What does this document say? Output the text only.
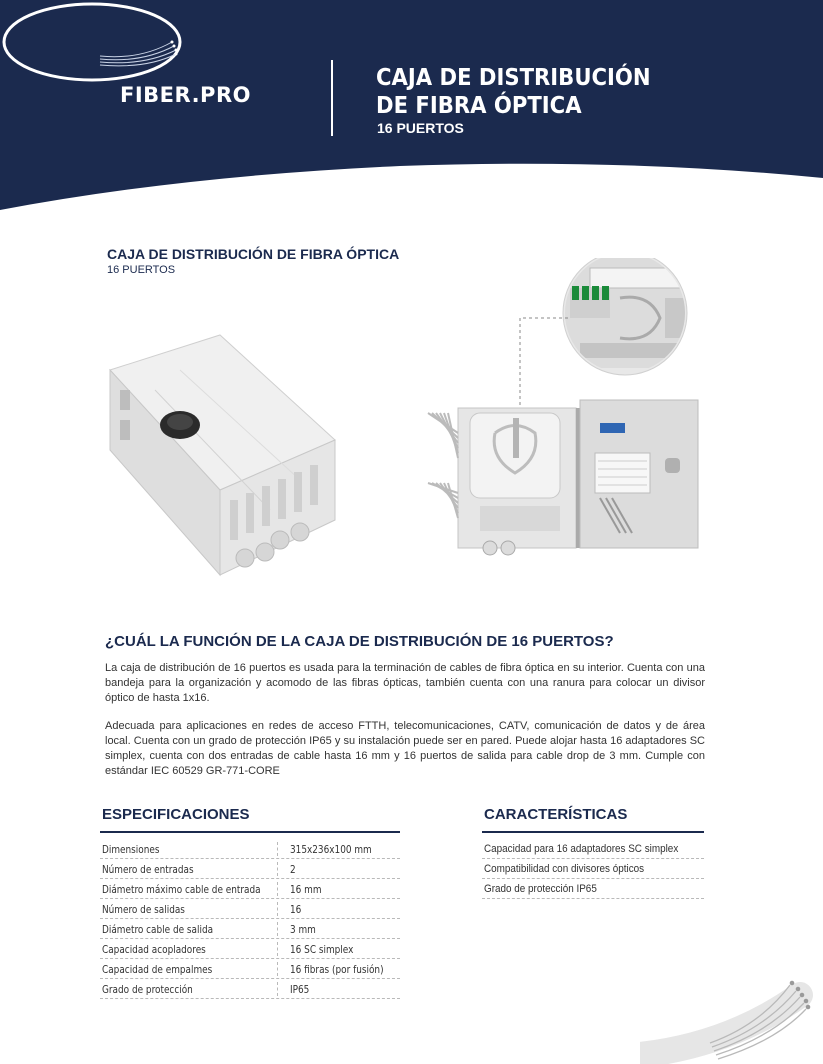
FIBER.PRO
CAJA DE DISTRIBUCIÓN
DE FIBRA ÓPTICA
16 PUERTOS
CAJA DE DISTRIBUCIÓN DE FIBRA ÓPTICA
16 PUERTOS
¿CUÁL LA FUNCIÓN DE LA CAJA DE DISTRIBUCIÓN DE 16 PUERTOS?

La caja de distribución de 16 puertos es usada para la terminación de cables de fibra óptica en su interior. Cuenta con una bandeja para la organización y acomodo de las fibras ópticas, también cuenta con una ranura para colocar un divisor óptico de hasta 1x16.

Adecuada para aplicaciones en redes de acceso FTTH, telecomunicaciones, CATV, comunicación de datos y de área local. Cuenta con un grado de protección IP65 y su instalación puede ser en pared. Puede alojar hasta 16 adaptadores SC simplex, cuenta con dos entradas de cable hasta 16 mm y 16 puertos de salida para cable drop de 3 mm. Cumple con estándar IEC 60529 GR-771-CORE

ESPECIFICACIONES
Dimensiones	315x236x100 mm
Número de entradas	2
Diámetro máximo cable de entrada	16 mm
Número de salidas	16
Diámetro cable de salida	3 mm
Capacidad acopladores	16 SC simplex
Capacidad de empalmes	16 fibras (por fusión)
Grado de protección	IP65
CARACTERÍSTICAS
Capacidad para 16 adaptadores SC simplex
Compatibilidad con divisores ópticos
Grado de protección IP65
